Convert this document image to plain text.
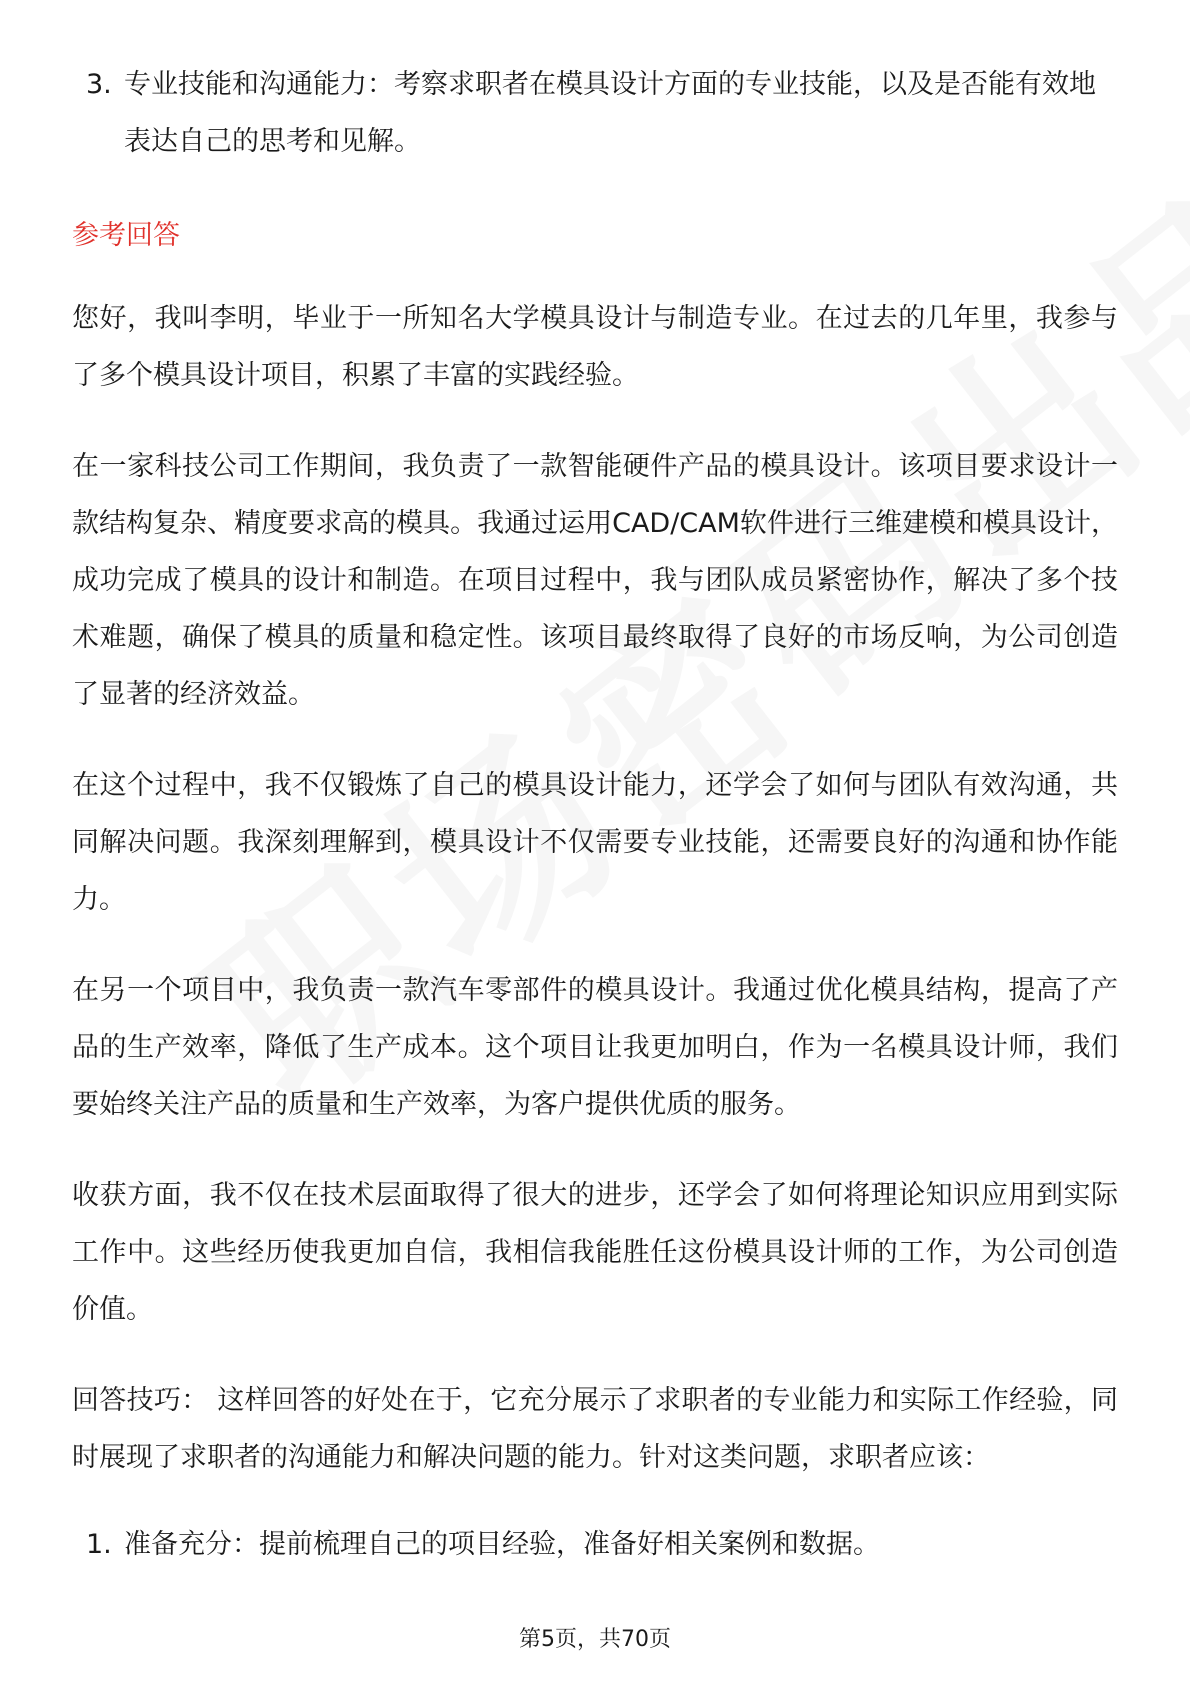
3. 专业技能和沟通能力：考察求职者在模具设计方面的专业技能，以及是否能有效地表达自己的思考和见解。
参考回答

您好，我叫李明，毕业于一所知名大学模具设计与制造专业。在过去的几年里，我参与了多个模具设计项目，积累了丰富的实践经验。

在一家科技公司工作期间，我负责了一款智能硬件产品的模具设计。该项目要求设计一款结构复杂、精度要求高的模具。我通过运用CAD/CAM软件进行三维建模和模具设计，成功完成了模具的设计和制造。在项目过程中，我与团队成员紧密协作，解决了多个技术难题，确保了模具的质量和稳定性。该项目最终取得了良好的市场反响，为公司创造了显著的经济效益。

在这个过程中，我不仅锻炼了自己的模具设计能力，还学会了如何与团队有效沟通，共同解决问题。我深刻理解到，模具设计不仅需要专业技能，还需要良好的沟通和协作能力。

在另一个项目中，我负责一款汽车零部件的模具设计。我通过优化模具结构，提高了产品的生产效率，降低了生产成本。这个项目让我更加明白，作为一名模具设计师，我们要始终关注产品的质量和生产效率，为客户提供优质的服务。

收获方面，我不仅在技术层面取得了很大的进步，还学会了如何将理论知识应用到实际工作中。这些经历使我更加自信，我相信我能胜任这份模具设计师的工作，为公司创造价值。

回答技巧： 这样回答的好处在于，它充分展示了求职者的专业能力和实际工作经验，同时展现了求职者的沟通能力和解决问题的能力。针对这类问题，求职者应该：

1. 准备充分：提前梳理自己的项目经验，准备好相关案例和数据。
第5页，共70页
